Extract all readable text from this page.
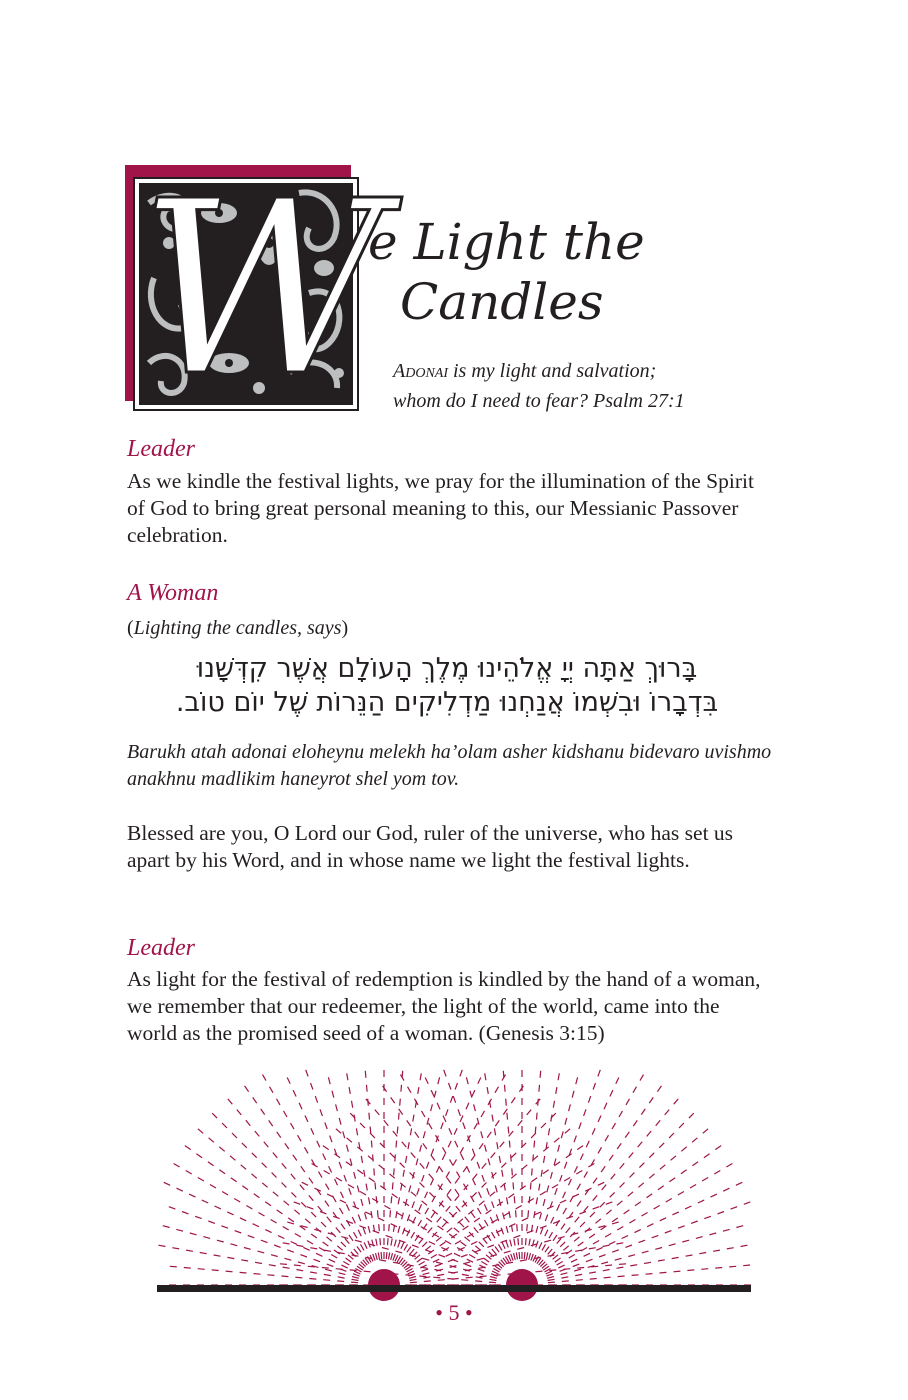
W
e Light the
Candles
Adonai is my light and salvation;
whom do I need to fear? Psalm 27:1
Leader
As we kindle the festival lights, we pray for the illumination of the Spirit of God to bring great personal meaning to this, our Messianic Passover celebration.
A Woman
(Lighting the candles, says)
בָּרוּךְ אַתָּה יְיָ אֱלֹהֵינוּ מֶלֶךְ הָעוֹלָם אֲשֶׁר קִדְּשָׁנוּ
בִּדְבָרוֹ וּבִשְׁמוֹ אֲנַחְנוּ מַדְלִיקִים הַנֵּרוֹת שֶׁל יוֹם טוֹב.
Barukh atah adonai eloheynu melekh ha’olam asher kidshanu bidevaro uvishmo anakhnu madlikim haneyrot shel yom tov.
Blessed are you, O Lord our God, ruler of the universe, who has set us apart by his Word, and in whose name we light the festival lights.
Leader
As light for the festival of redemption is kindled by the hand of a woman, we remember that our redeemer, the light of the world, came into the world as the promised seed of a woman. (Genesis 3:15)
• 5 •
